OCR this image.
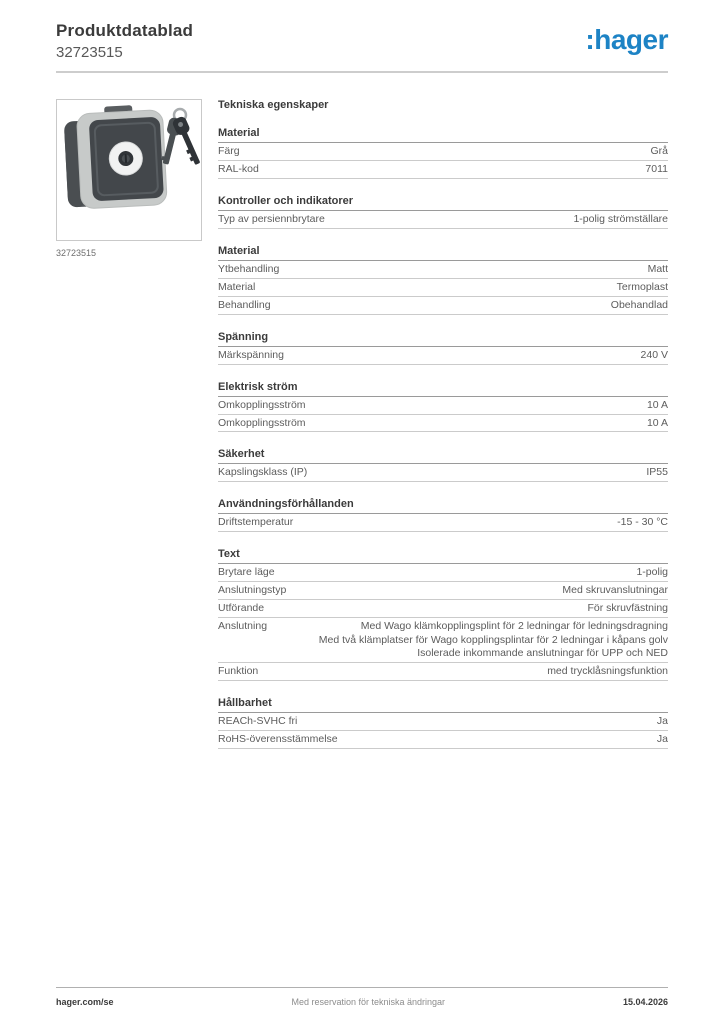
Produktdatablad
32723515	:hager
32723515
Tekniska egenskaper
Material
Färg	Grå
RAL-kod	7011
Kontroller och indikatorer
Typ av persiennbrytare	1-polig strömställare
Material
Ytbehandling	Matt
Material	Termoplast
Behandling	Obehandlad
Spänning
Märkspänning	240 V
Elektrisk ström
Omkopplingsström	10 A
Omkopplingsström	10 A
Säkerhet
Kapslingsklass (IP)	IP55
Användningsförhållanden
Driftstemperatur	-15 - 30 °C
Text
Brytare läge	1-polig
Anslutningstyp	Med skruvanslutningar
Utförande	För skruvfästning
Anslutning	Med Wago klämkopplingsplint för 2 ledningar för ledningsdragning
Med två klämplatser för Wago kopplingsplintar för 2 ledningar i kåpans golv
Isolerade inkommande anslutningar för UPP och NED
Funktion	med trycklåsningsfunktion
Hållbarhet
REACh-SVHC fri	Ja
RoHS-överensstämmelse	Ja
hager.com/se	Med reservation för tekniska ändringar	15.04.2026
